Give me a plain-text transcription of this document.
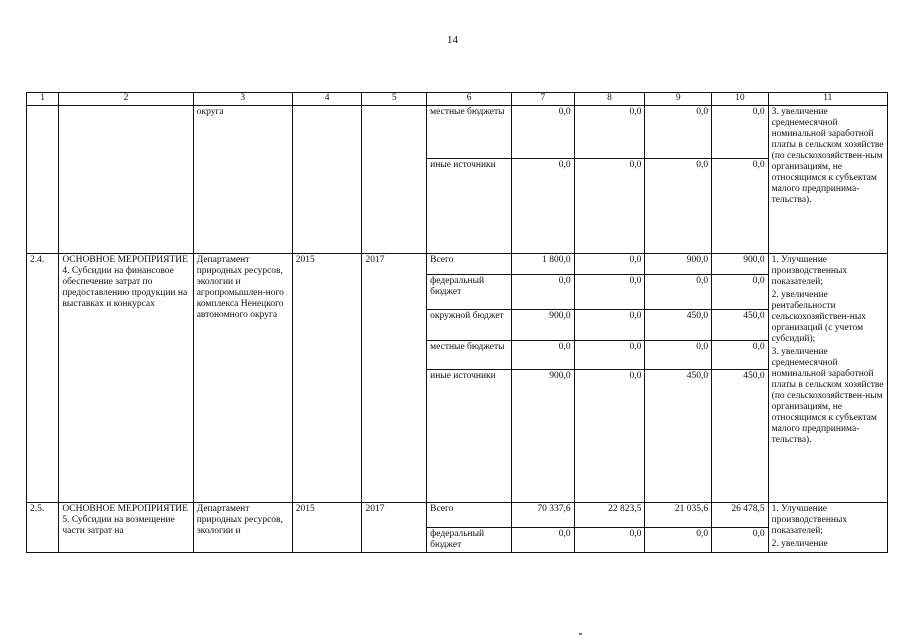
14
1	2	3	4	5	6	7	8	9	10	11
		округа			местные бюджеты	0,0	0,0	0,0	0,0	3. увеличение среднемесячной номинальной заработной платы в сельском хозяйстве (по сельскохозяйствен-ным организациям, не относящимся к субъектам малого предпринима-тельства).
					иные источники	0,0	0,0	0,0	0,0	
2.4.	ОСНОВНОЕ МЕРОПРИЯТИЕ 4. Субсидии на финансовое обеспечение затрат по предоставлению продукции на выставках и конкурсах	Департамент природных ресурсов, экологии и агропромышлен-ного комплекса Ненецкого автономного округа	2015	2017	Всего	1 800,0	0,0	900,0	900,0	1. Улучшение производственных показателей;
2. увеличение рентабельности сельскохозяйствен-ных организаций (с учетом субсидий);
3. увеличение среднемесячной номинальной заработной платы в сельском хозяйстве (по сельскохозяйствен-ным организациям, не относящимся к субъектам малого предпринима-тельства).

					федеральный бюджет	0,0	0,0	0,0	0,0	
					окружной бюджет	900,0	0,0	450,0	450,0	
					местные бюджеты	0,0	0,0	0,0	0,0	
					иные источники	900,0	0,0	450,0	450,0	
2.5.	ОСНОВНОЕ МЕРОПРИЯТИЕ 5. Субсидии на возмещение части затрат на	Департамент природных ресурсов, экологии и	2015	2017	Всего	70 337,6	22 823,5	21 035,6	26 478,5	1. Улучшение производственных показателей;
2. увеличение

					федеральный бюджет	0,0	0,0	0,0	0,0	
